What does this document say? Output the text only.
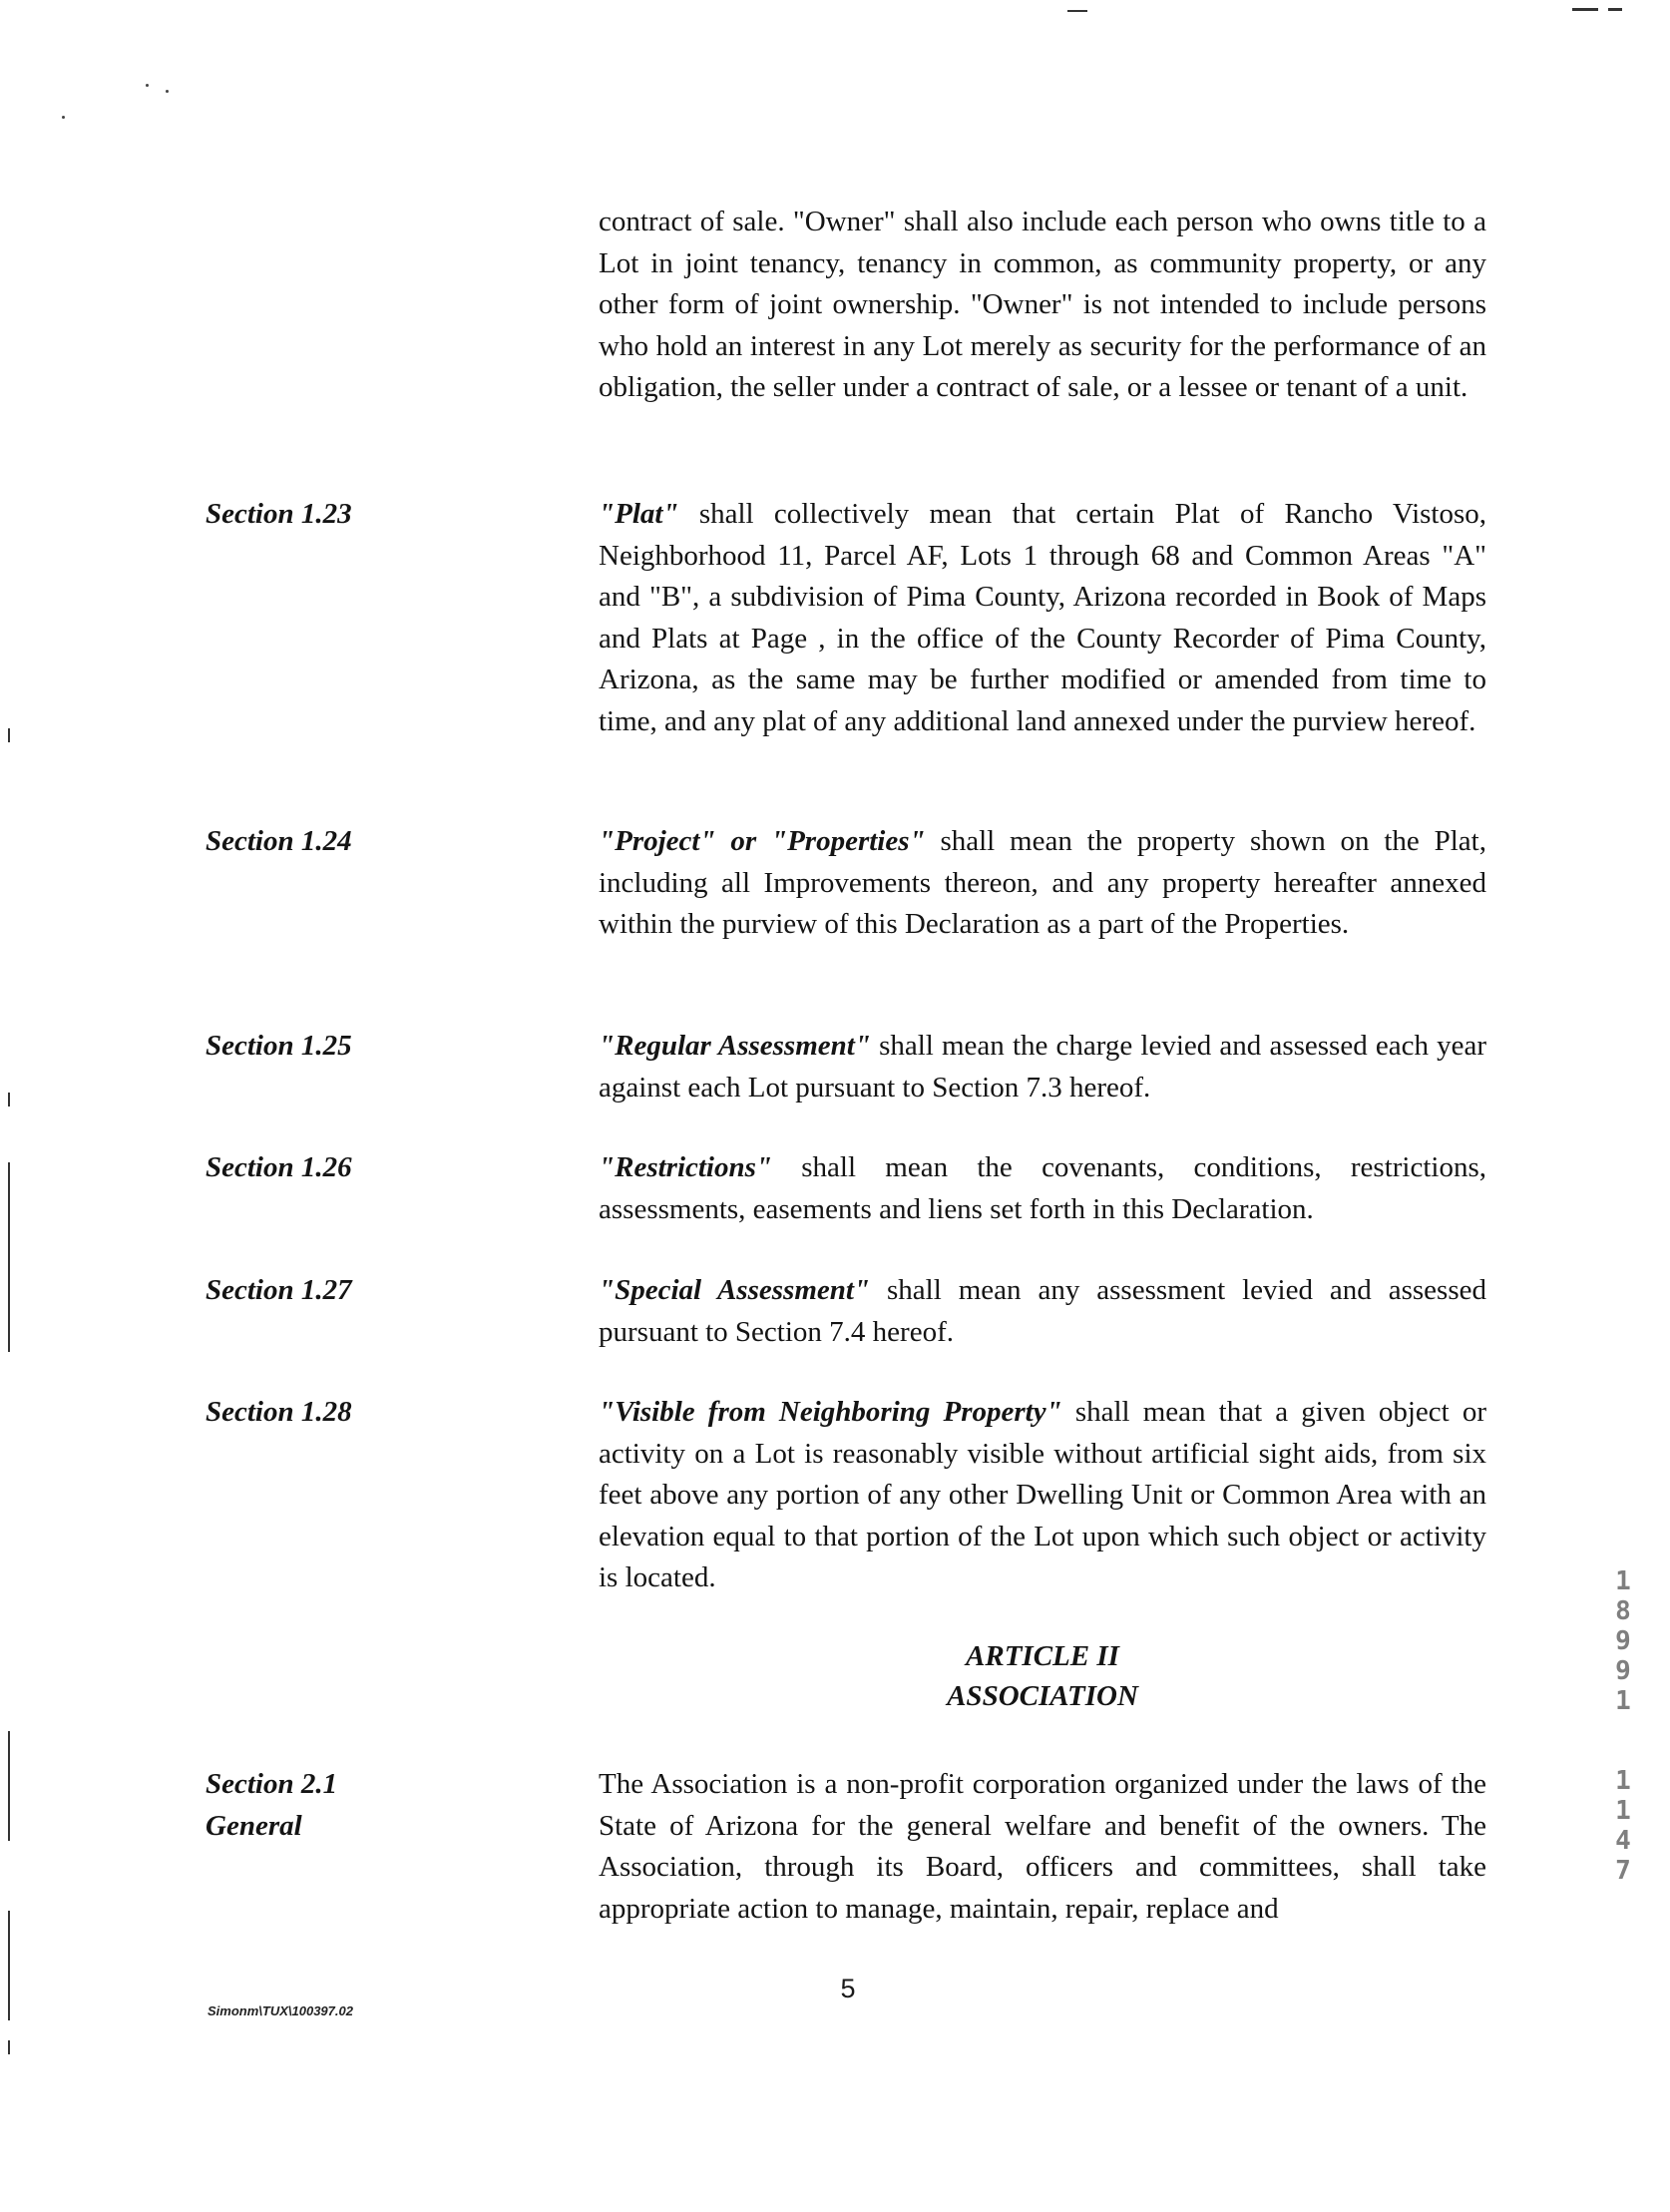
contract of sale. "Owner" shall also include each person who owns title to a Lot in joint tenancy, tenancy in common, as community property, or any other form of joint ownership. "Owner" is not intended to include persons who hold an interest in any Lot merely as security for the performance of an obligation, the seller under a contract of sale, or a lessee or tenant of a unit.

Section 1.23	"Plat" shall collectively mean that certain Plat of Rancho Vistoso, Neighborhood 11, Parcel AF, Lots 1 through 68 and Common Areas "A" and "B", a subdivision of Pima County, Arizona recorded in Book of Maps and Plats at Page , in the office of the County Recorder of Pima County, Arizona, as the same may be further modified or amended from time to time, and any plat of any additional land annexed under the purview hereof.

Section 1.24	"Project" or "Properties" shall mean the property shown on the Plat, including all Improvements thereon, and any property hereafter annexed within the purview of this Declaration as a part of the Properties.

Section 1.25	"Regular Assessment" shall mean the charge levied and assessed each year against each Lot pursuant to Section 7.3 hereof.

Section 1.26	"Restrictions" shall mean the covenants, conditions, restrictions, assessments, easements and liens set forth in this Declaration.

Section 1.27	"Special Assessment" shall mean any assessment levied and assessed pursuant to Section 7.4 hereof.

Section 1.28	"Visible from Neighboring Property" shall mean that a given object or activity on a Lot is reasonably visible without artificial sight aids, from six feet above any portion of any other Dwelling Unit or Common Area with an elevation equal to that portion of the Lot upon which such object or activity is located.

ARTICLE II
ASSOCIATION

Section 2.1
General

The Association is a non-profit corporation organized under the laws of the State of Arizona for the general welfare and benefit of the owners. The Association, through its Board, officers and committees, shall take appropriate action to manage, maintain, repair, replace and

1
8
9
9
1
1
1
4
7
Simonm\TUX\100397.02
5
